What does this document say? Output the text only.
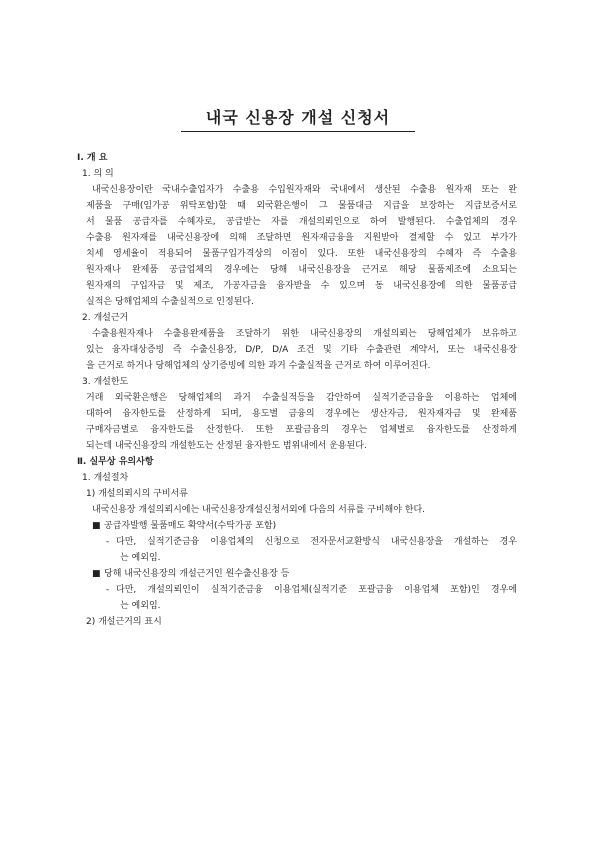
내국 신용장 개설 신청서
Ⅰ. 개 요
1. 의 의
내국신용장이란 국내수출업자가 수출용 수입원자재와 국내에서 생산된 수출용 원자재 또는 완
제품을 구매(임가공 위탁포함)할 때 외국환은행이 그 물품대금 지급을 보장하는 지급보증서로
서 물품 공급자를 수혜자로, 공급받는 자를 개설의뢰인으로 하여 발행된다. 수출업체의 경우
수출용 원자재를 내국신용장에 의해 조달하면 원자재금융을 지원받아 결제할 수 있고 부가가
치세 영세율이 적용되어 물품구입가격상의 이점이 있다. 또한 내국신용장의 수혜자 즉 수출용
원자재나 완제품 공급업체의 경우에는 당해 내국신용장을 근거로 해당 물품제조에 소요되는
원자재의 구입자금 및 제조, 가공자금을 융자받을 수 있으며 동 내국신용장에 의한 물품공급
실적은 당해업체의 수출실적으로 인정된다.
2. 개설근거
수출용원자재나 수출용완제품을 조달하기 위한 내국신용장의 개설의뢰는 당해업체가 보유하고
있는 융자대상증빙 즉 수출신용장, D/P, D/A 조건 및 기타 수출관련 계약서, 또는 내국신용장
을 근거로 하거나 당해업체의 상기증빙에 의한 과거 수출실적을 근거로 하여 이루어진다.
3. 개설한도
거래 외국환은행은 당해업체의 과거 수출실적등을 감안하여 실적기준금융을 이용하는 업체에
대하여 융자한도를 산정하게 되며, 용도별 금융의 경우에는 생산자금, 원자재자금 및 완제품
구매자금별로 융자한도를 산정한다. 또한 포괄금융의 경우는 업체별로 융자한도를 산정하게
되는데 내국신용장의 개설한도는 산정된 융자한도 범위내에서 운용된다.
Ⅱ. 실무상 유의사항
1. 개설절차
1) 개설의뢰시의 구비서류
내국신용장 개설의뢰시에는 내국신용장개설신청서외에 다음의 서류를 구비해야 한다.
■ 공급자발행 물품매도 확약서(수탁가공 포함)
- 다만, 실적기준금융 이용업체의 신청으로 전자문서교환방식 내국신용장을 개설하는 경우
는 예외임.
■ 당해 내국신용장의 개설근거인 원수출신용장 등
- 다만, 개설의뢰인이 실적기준금융 이용업체(실적기준 포괄금융 이용업체 포함)인 경우에
는 예외임.
2) 개설근거의 표시
